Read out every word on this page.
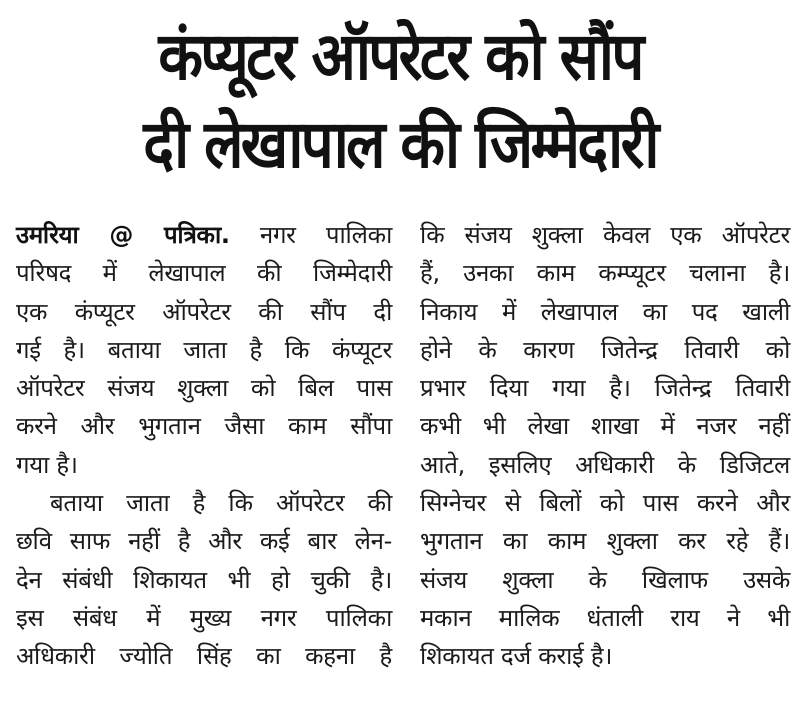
कंप्यूटर ऑपरेटर को सौंप
दी लेखापाल की जिम्मेदारी
उमरिया @ पत्रिका. नगर पालिका
परिषद में लेखापाल की जिम्मेदारी
एक कंप्यूटर ऑपरेटर की सौंप दी
गई है। बताया जाता है कि कंप्यूटर
ऑपरेटर संजय शुक्ला को बिल पास
करने और भुगतान जैसा काम सौंपा
गया है।
बताया जाता है कि ऑपरेटर की
छवि साफ नहीं है और कई बार लेन-
देन संबंधी शिकायत भी हो चुकी है।
इस संबंध में मुख्य नगर पालिका
अधिकारी ज्योति सिंह का कहना है
कि संजय शुक्ला केवल एक ऑपरेटर
हैं, उनका काम कम्प्यूटर चलाना है।
निकाय में लेखापाल का पद खाली
होने के कारण जितेन्द्र तिवारी को
प्रभार दिया गया है। जितेन्द्र तिवारी
कभी भी लेखा शाखा में नजर नहीं
आते, इसलिए अधिकारी के डिजिटल
सिग्नेचर से बिलों को पास करने और
भुगतान का काम शुक्ला कर रहे हैं।
संजय शुक्ला के खिलाफ उसके
मकान मालिक धंताली राय ने भी
शिकायत दर्ज कराई है।
